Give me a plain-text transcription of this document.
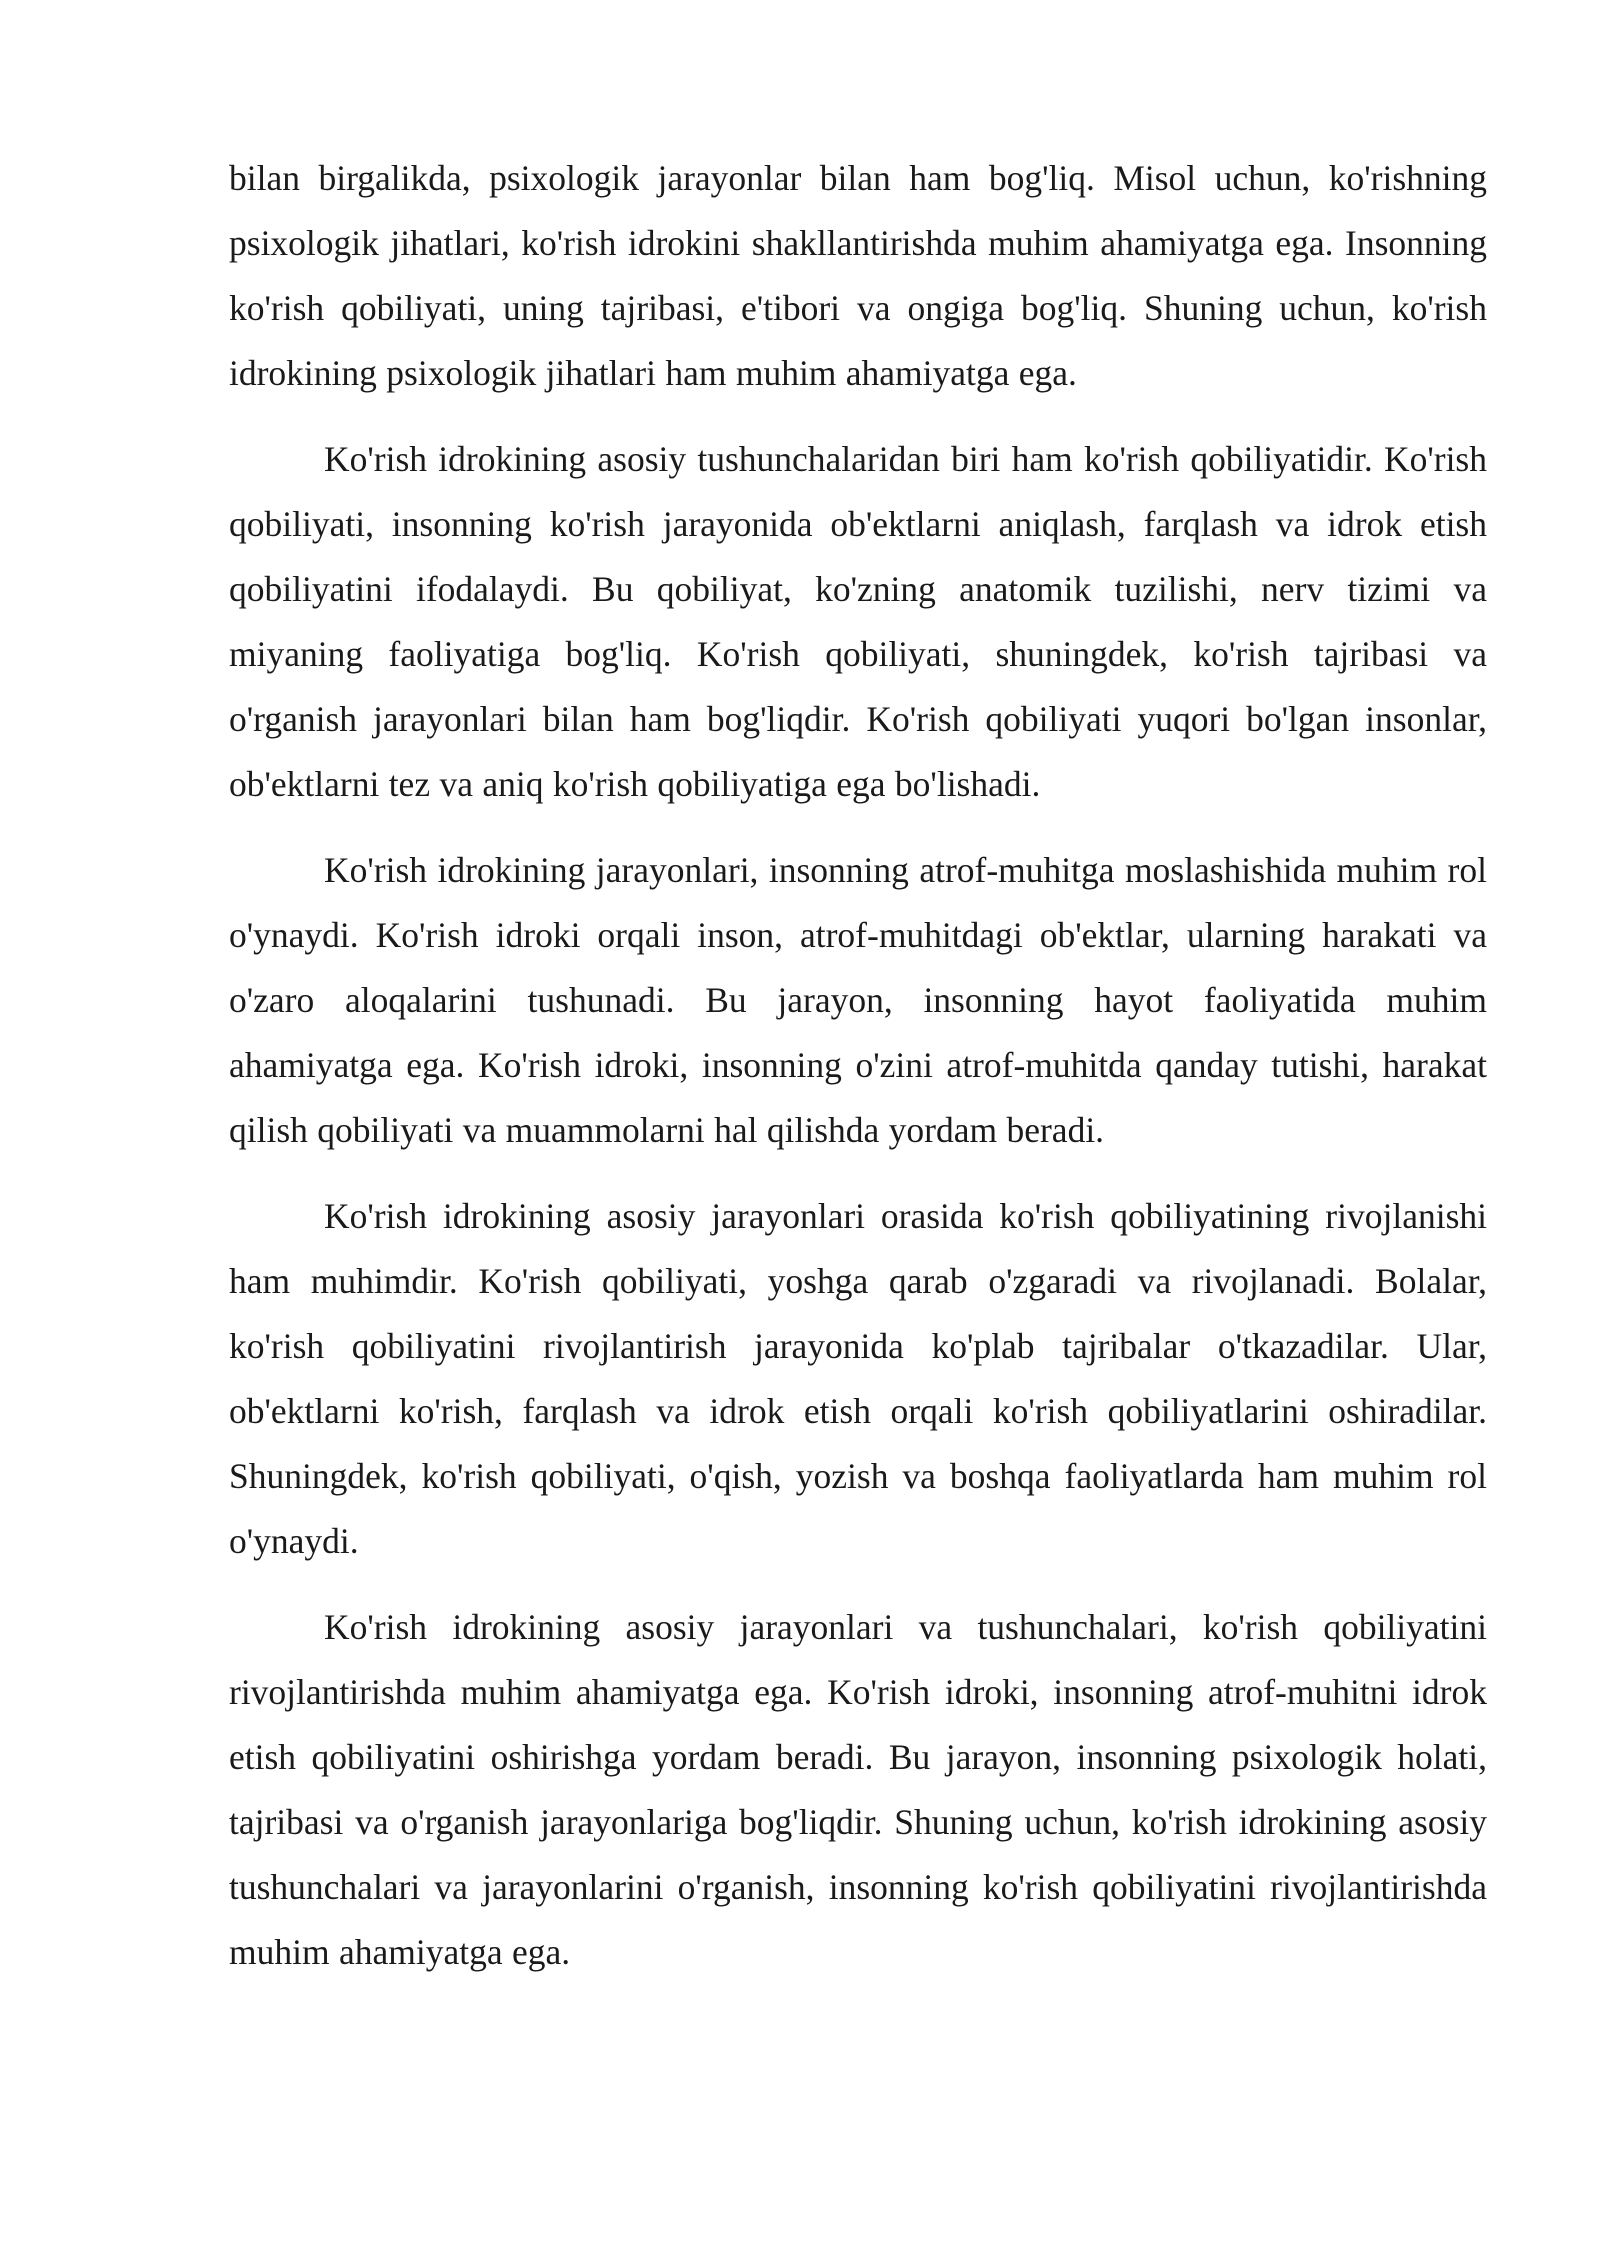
bilan birgalikda, psixologik jarayonlar bilan ham bog'liq. Misol uchun, ko'rishning psixologik jihatlari, ko'rish idrokini shakllantirishda muhim ahamiyatga ega. Insonning ko'rish qobiliyati, uning tajribasi, e'tibori va ongiga bog'liq. Shuning uchun, ko'rish idrokining psixologik jihatlari ham muhim ahamiyatga ega.

Ko'rish idrokining asosiy tushunchalaridan biri ham ko'rish qobiliyatidir. Ko'rish qobiliyati, insonning ko'rish jarayonida ob'ektlarni aniqlash, farqlash va idrok etish qobiliyatini ifodalaydi. Bu qobiliyat, ko'zning anatomik tuzilishi, nerv tizimi va miyaning faoliyatiga bog'liq. Ko'rish qobiliyati, shuningdek, ko'rish tajribasi va o'rganish jarayonlari bilan ham bog'liqdir. Ko'rish qobiliyati yuqori bo'lgan insonlar, ob'ektlarni tez va aniq ko'rish qobiliyatiga ega bo'lishadi.

Ko'rish idrokining jarayonlari, insonning atrof-muhitga moslashishida muhim rol o'ynaydi. Ko'rish idroki orqali inson, atrof-muhitdagi ob'ektlar, ularning harakati va o'zaro aloqalarini tushunadi. Bu jarayon, insonning hayot faoliyatida muhim ahamiyatga ega. Ko'rish idroki, insonning o'zini atrof-muhitda qanday tutishi, harakat qilish qobiliyati va muammolarni hal qilishda yordam beradi.

Ko'rish idrokining asosiy jarayonlari orasida ko'rish qobiliyatining rivojlanishi ham muhimdir. Ko'rish qobiliyati, yoshga qarab o'zgaradi va rivojlanadi. Bolalar, ko'rish qobiliyatini rivojlantirish jarayonida ko'plab tajribalar o'tkazadilar. Ular, ob'ektlarni ko'rish, farqlash va idrok etish orqali ko'rish qobiliyatlarini oshiradilar. Shuningdek, ko'rish qobiliyati, o'qish, yozish va boshqa faoliyatlarda ham muhim rol o'ynaydi.

Ko'rish idrokining asosiy jarayonlari va tushunchalari, ko'rish qobiliyatini rivojlantirishda muhim ahamiyatga ega. Ko'rish idroki, insonning atrof-muhitni idrok etish qobiliyatini oshirishga yordam beradi. Bu jarayon, insonning psixologik holati, tajribasi va o'rganish jarayonlariga bog'liqdir. Shuning uchun, ko'rish idrokining asosiy tushunchalari va jarayonlarini o'rganish, insonning ko'rish qobiliyatini rivojlantirishda muhim ahamiyatga ega.
